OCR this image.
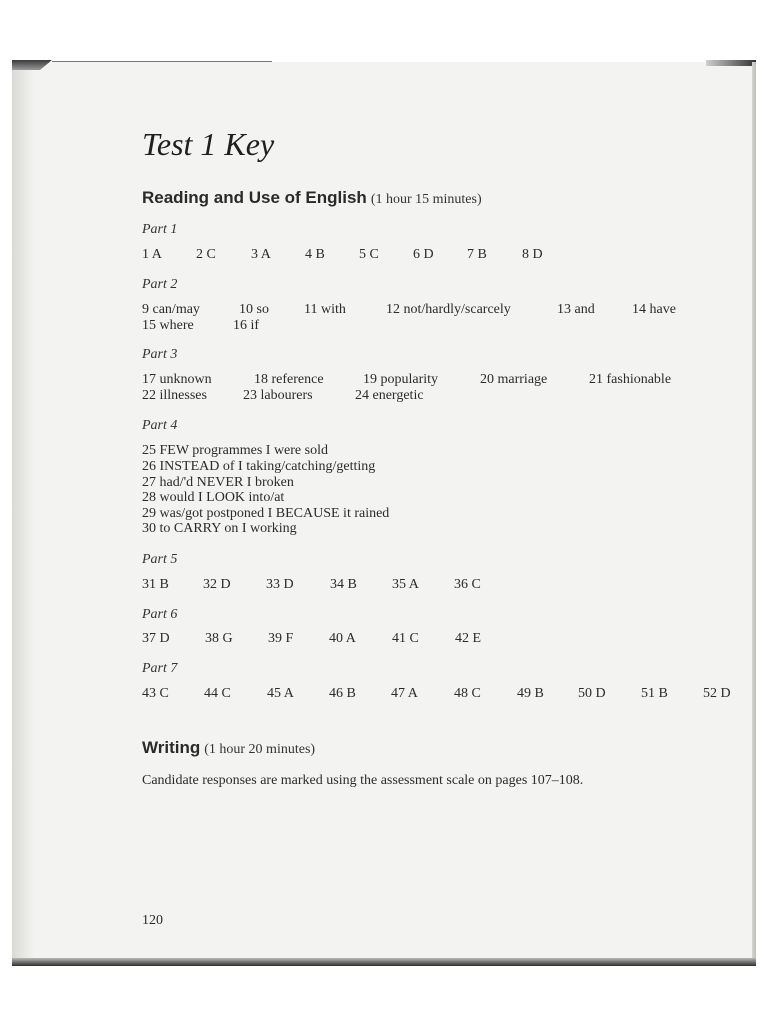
Test 1 Key
Reading and Use of English (1 hour 15 minutes)
Part 1
1 A 2 C	3 A 4 B 5 C 6 D 7 B	8 D
Part 2
9 can/may	10 so	11 with	12 not/hardly/scarcely	13 and	14 have
15 where	16 if
Part 3
17 unknown	18 reference	19 popularity	20 marriage	21 fashionable
22 illnesses	23 labourers	24 energetic
Part 4
25 FEW programmes I were sold
26 INSTEAD of I taking/catching/getting
27 had/'d NEVER I broken
28 would I LOOK into/at
29 was/got postponed I BECAUSE it rained
30 to CARRY on I working
Part 5
31 B 32 D	33 D	34 B	35 A	36 C
Part 6
37 D	38 G	39 F	40 A	41 C	42 E
Part 7
43 C	44 C	45 A	46 B	47 A	48 C	49 B 50 D	51 B	52 D
Writing (1 hour 20 minutes)
Candidate responses are marked using the assessment scale on pages 107–108.
120
